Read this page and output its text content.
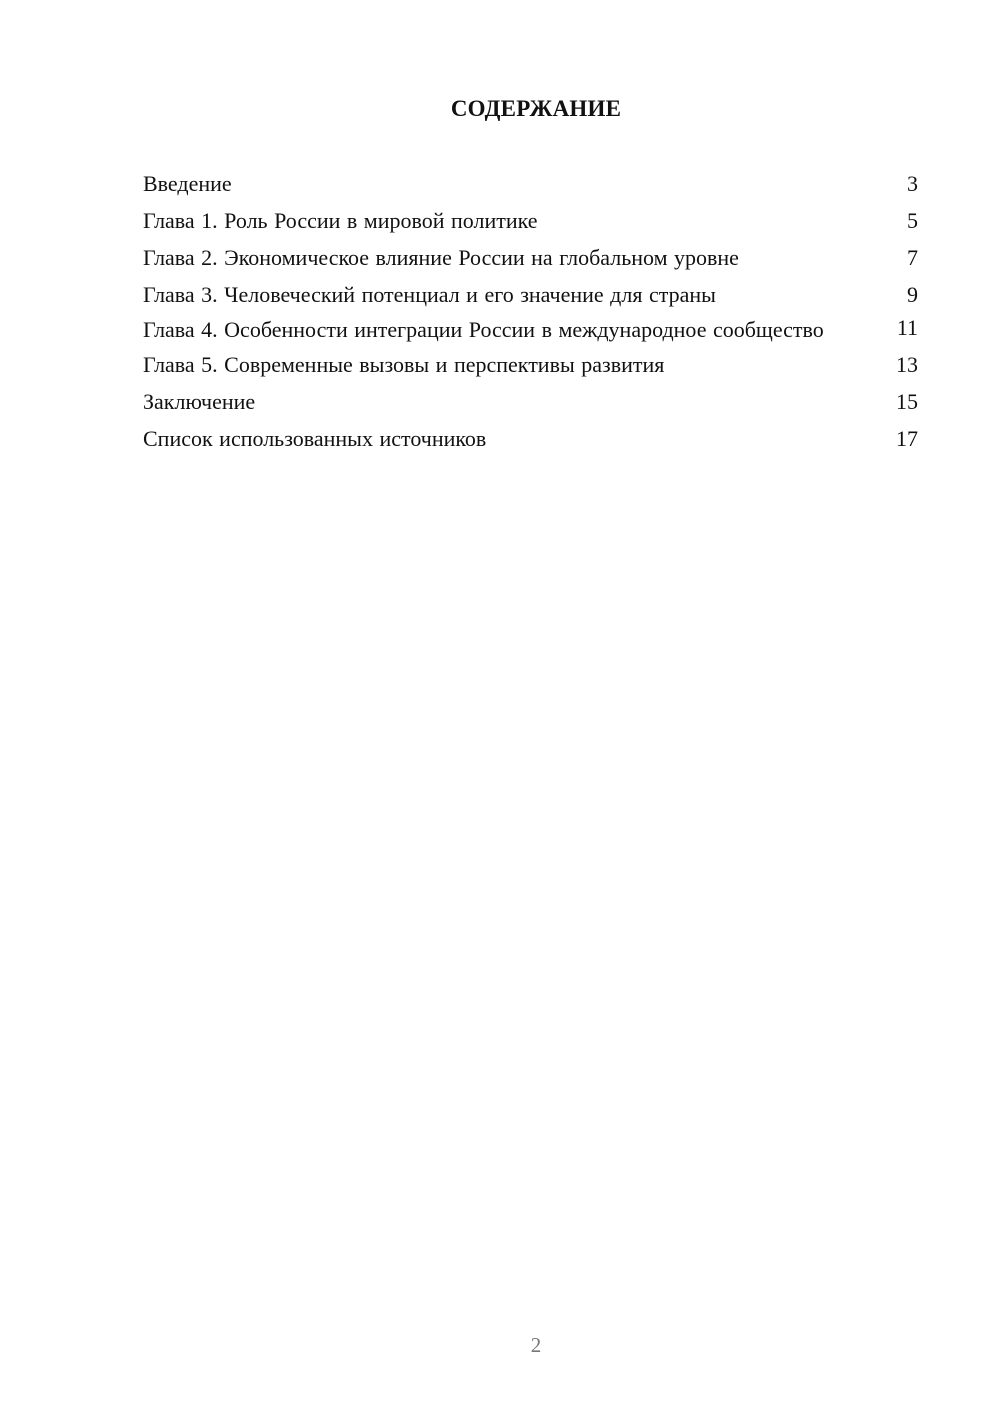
СОДЕРЖАНИЕ
Введение	3
Глава 1. Роль России в мировой политике	5
Глава 2. Экономическое влияние России на глобальном уровне	7
Глава 3. Человеческий потенциал и его значение для страны	9
Глава 4. Особенности интеграции России в международное сообщество	11
Глава 5. Современные вызовы и перспективы развития	13
Заключение	15
Список использованных источников	17
2
